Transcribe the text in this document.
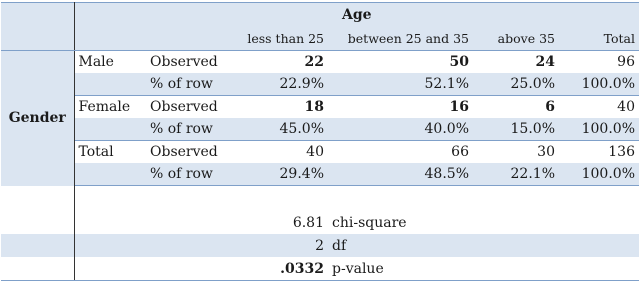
	Age					
			less than 25	between 25 and 35	above 35	Total
Gender	Male	Observed	22	50	24	96
		% of row	22.9%	52.1%	25.0%	100.0%
	Female	Observed	18	16	6	40
		% of row	45.0%	40.0%	15.0%	100.0%
	Total	Observed	40	66	30	136
		% of row	29.4%	48.5%	22.1%	100.0%

			6.81	chi-square		
			2	df		
			.0332	p-value		
